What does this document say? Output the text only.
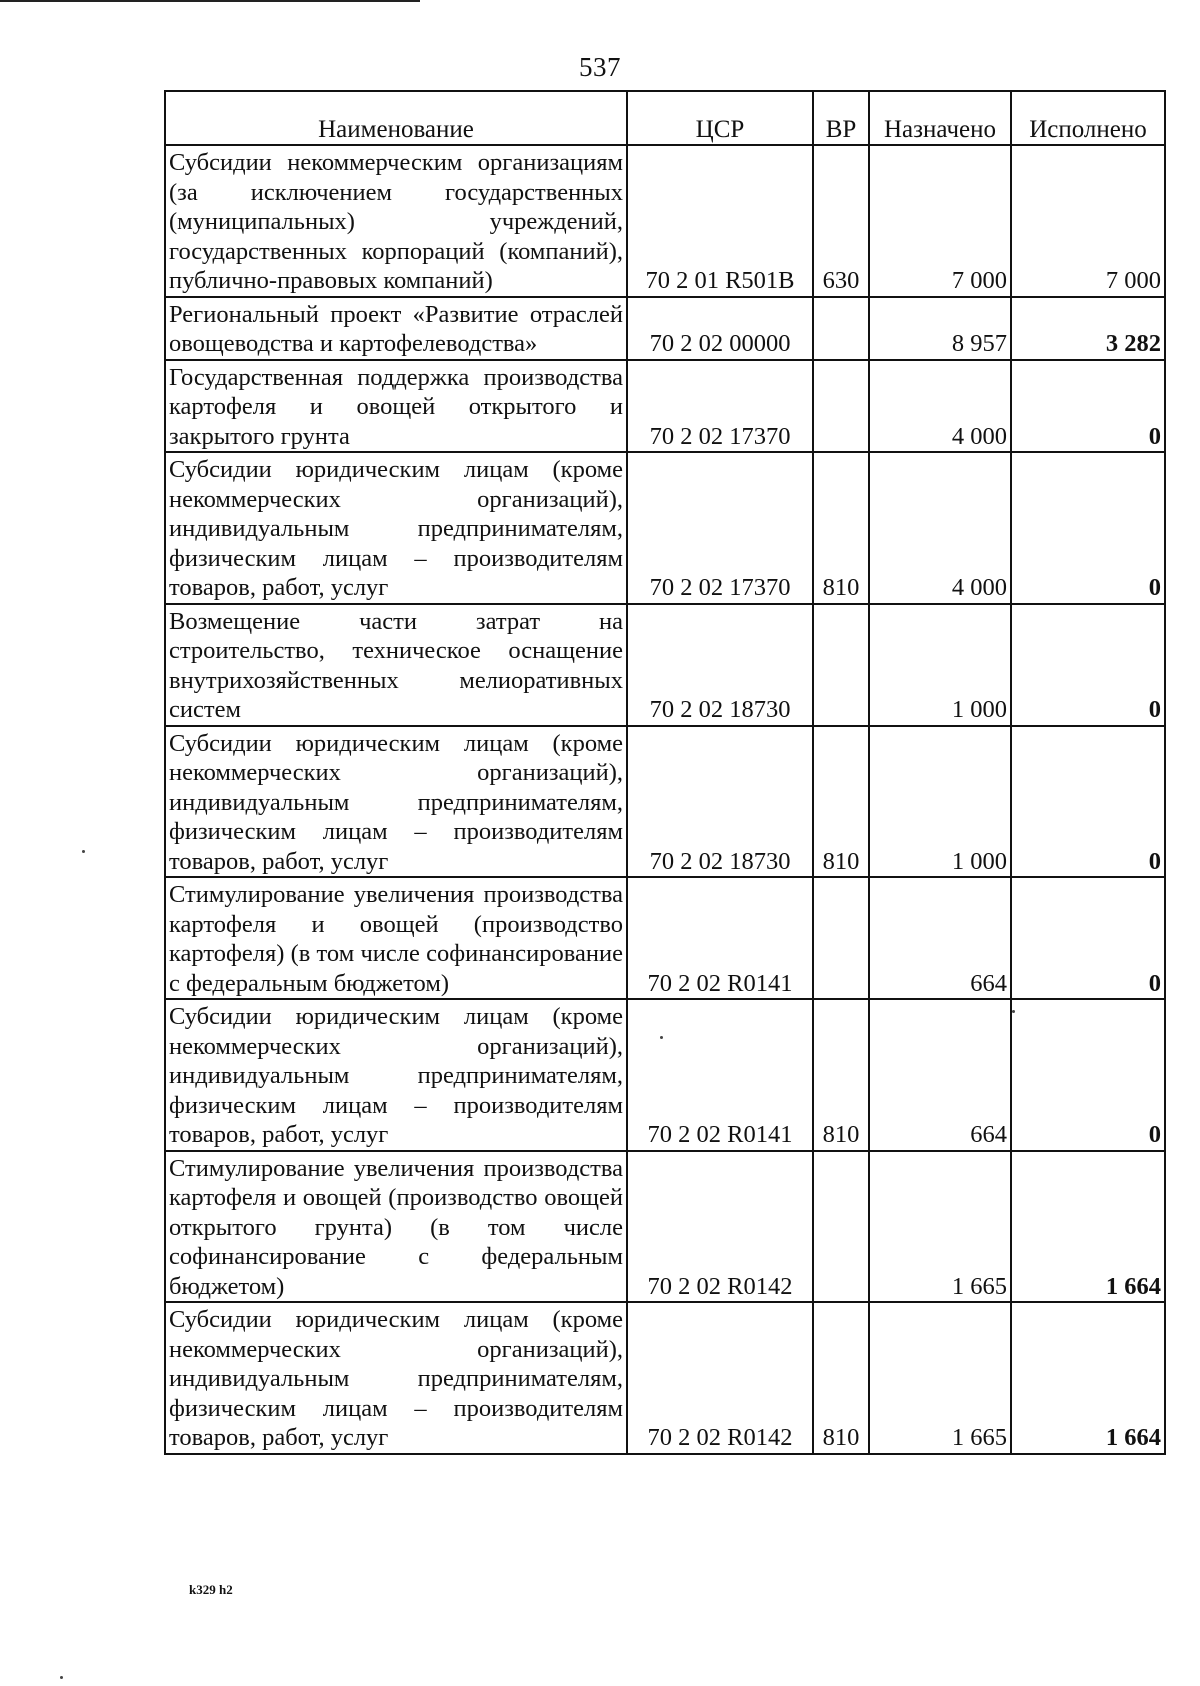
537
Наименование	ЦСР	ВР	Назначено	Исполнено
Субсидии некоммерческим организациям (за исключением государственных (муниципальных) учреждений, государственных корпораций (компаний), публично-правовых компаний)	70 2 01 R501B	630	7 000	7 000
Региональный проект «Развитие отраслей овощеводства и картофелеводства»	70 2 02 00000		8 957	3 282
Государственная поддержка производства картофеля и овощей открытого и закрытого грунта	70 2 02 17370		4 000	0
Субсидии юридическим лицам (кроме некоммерческих организаций), индивидуальным предпринимателям, физическим лицам – производителям товаров, работ, услуг	70 2 02 17370	810	4 000	0
Возмещение части затрат на строительство, техническое оснащение внутрихозяйственных мелиоративных систем	70 2 02 18730		1 000	0
Субсидии юридическим лицам (кроме некоммерческих организаций), индивидуальным предпринимателям, физическим лицам – производителям товаров, работ, услуг	70 2 02 18730	810	1 000	0
Стимулирование увеличения производства картофеля и овощей (производство картофеля) (в том числе софинансирование с федеральным бюджетом)	70 2 02 R0141		664	0
Субсидии юридическим лицам (кроме некоммерческих организаций), индивидуальным предпринимателям, физическим лицам – производителям товаров, работ, услуг	70 2 02 R0141	810	664	0
Стимулирование увеличения производства картофеля и овощей (производство овощей открытого грунта) (в том числе софинансирование с федеральным бюджетом)	70 2 02 R0142		1 665	1 664
Субсидии юридическим лицам (кроме некоммерческих организаций), индивидуальным предпринимателям, физическим лицам – производителям товаров, работ, услуг	70 2 02 R0142	810	1 665	1 664
k329 h2
